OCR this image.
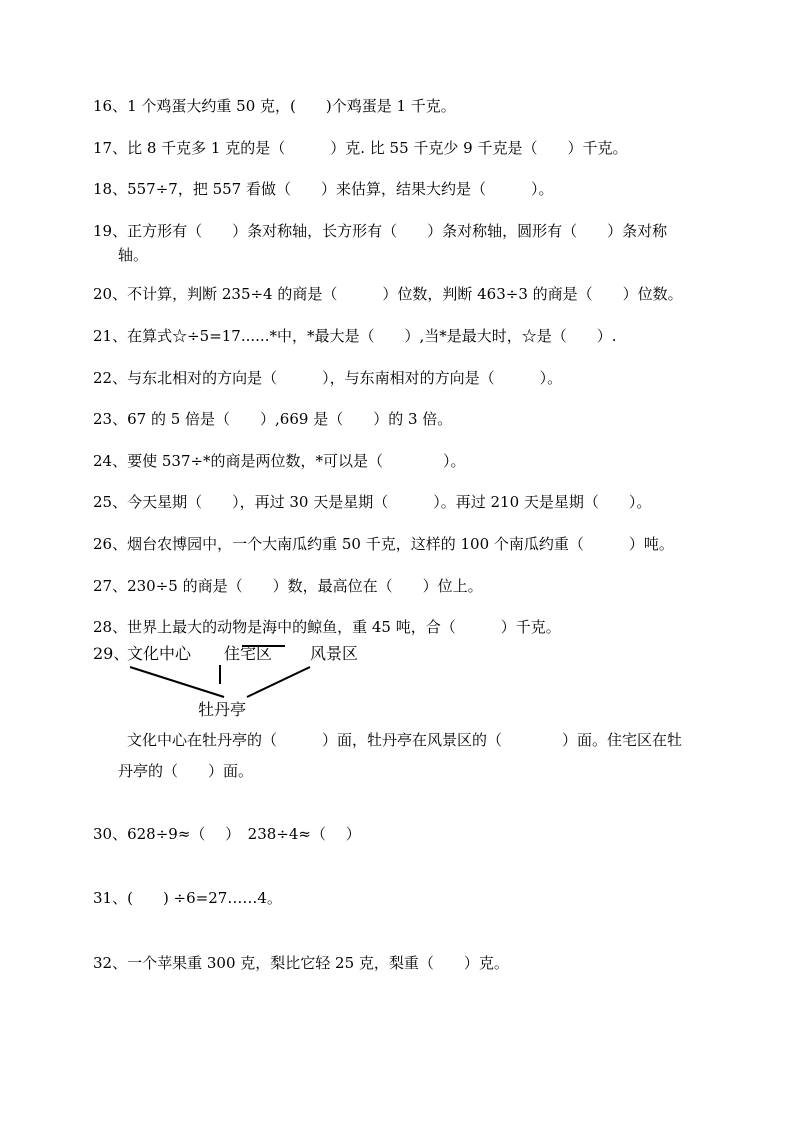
16、1 个鸡蛋大约重 50 克，(　　)个鸡蛋是 1 千克。
17、比 8 千克多 1 克的是（　　　）克. 比 55 千克少 9 千克是（　　）千克。
18、557÷7，把 557 看做（　　）来估算，结果大约是（　　　）。
19、正方形有（　　）条对称轴，长方形有（　　）条对称轴，圆形有（　　）条对称
轴。
20、不计算，判断 235÷4 的商是（　　　）位数，判断 463÷3 的商是（　　）位数。
21、在算式☆÷5=17......*中，*最大是（　　）,当*是最大时，☆是（　　）.
22、与东北相对的方向是（　　　），与东南相对的方向是（　　　）。
23、67 的 5 倍是（　　）,669 是（　　）的 3 倍。
24、要使 537÷*的商是两位数，*可以是（　　　　）。
25、今天星期（　　），再过 30 天是星期（　　　）。再过 210 天是星期（　　）。
26、烟台农博园中，一个大南瓜约重 50 千克，这样的 100 个南瓜约重（　　　）吨。
27、230÷5 的商是（　　）数，最高位在（　　）位上。
28、世界上最大的动物是海中的鲸鱼，重 45 吨，合（　　　）千克。
29、
文化中心 住宅区 风景区
牡丹亭
文化中心在牡丹亭的（　　　）面，牡丹亭在风景区的（　　　　）面。住宅区在牡
丹亭的（　　）面。
30、628÷9≈（　 ）　238÷4≈（　 ）
31、(　　) ÷6=27……4。
32、一个苹果重 300 克，梨比它轻 25 克，梨重（　　）克。
